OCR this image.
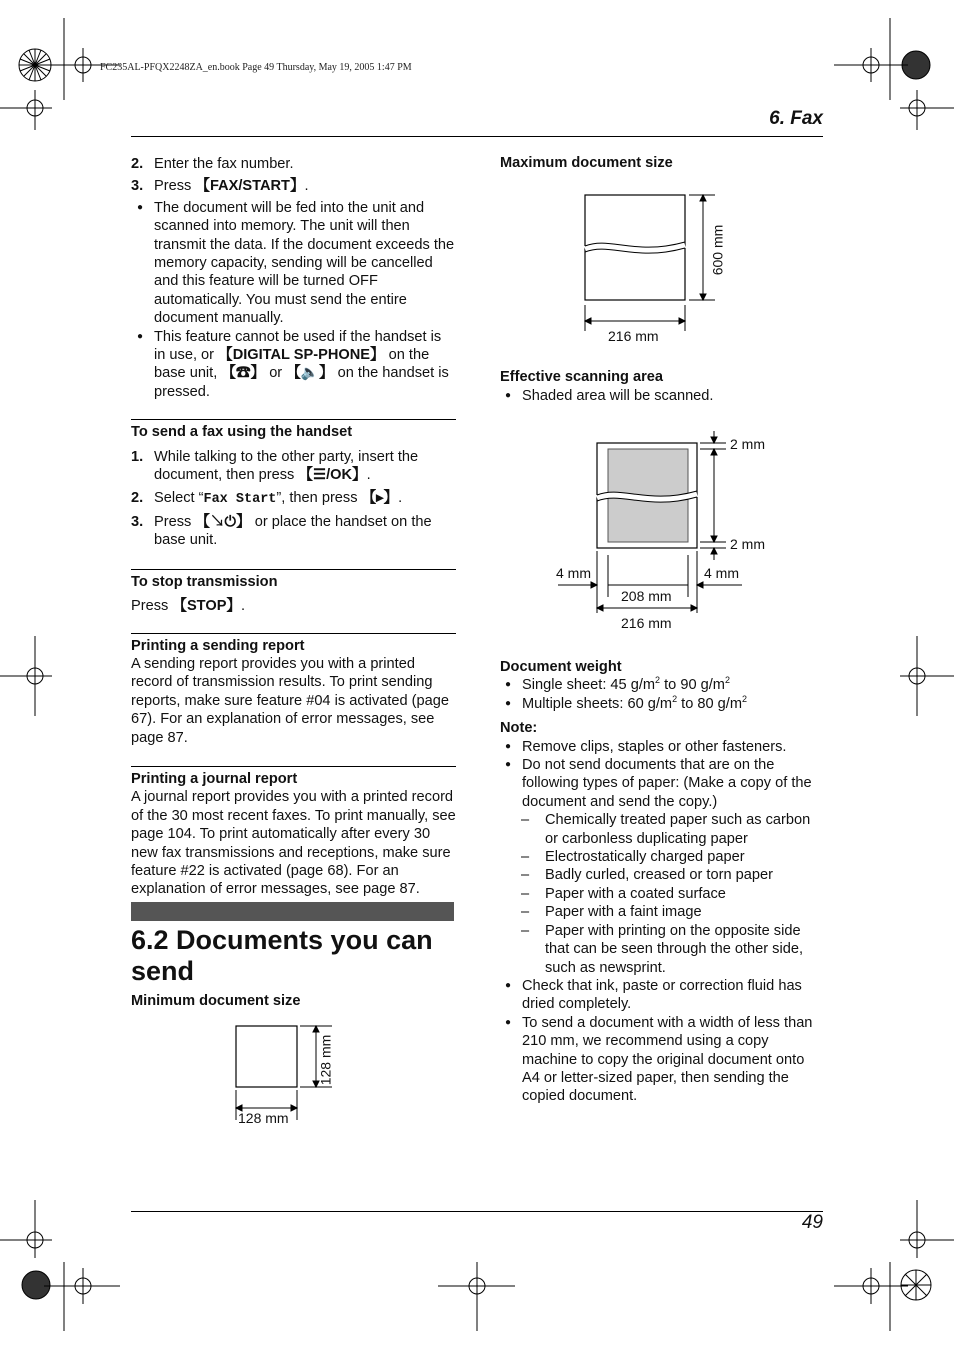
FC235AL-PFQX2248ZA_en.book Page 49 Thursday, May 19, 2005 1:47 PM
6. Fax

2. Enter the fax number.

3. Press 【FAX/START】.

● The document will be fed into the unit and scanned into memory. The unit will then transmit the data. If the document exceeds the memory capacity, sending will be cancelled and this feature will be turned OFF automatically. You must send the entire document manually.

● This feature cannot be used if the handset is in use, or 【DIGITAL SP-PHONE】 on the base unit, 【☎】 or 【🔈】 on the handset is pressed.

To send a fax using the handset

1. While talking to the other party, insert the document, then press 【☰/OK】.

2. Select “Fax Start”, then press 【▸】.

3. Press 【↘⏻】 or place the handset on the base unit.

To stop transmission

Press 【STOP】.

Printing a sending report

A sending report provides you with a printed record of transmission results. To print sending reports, make sure feature #04 is activated (page 67). For an explanation of error messages, see page 87.

Printing a journal report

A journal report provides you with a printed record of the 30 most recent faxes. To print manually, see page 104. To print automatically after every 30 new fax transmissions and receptions, make sure feature #22 is activated (page 68). For an explanation of error messages, see page 87.

6.2 Documents you can send
Minimum document size
128 mm
128 mm
Maximum document size
600 mm
216 mm
Effective scanning area
● Shaded area will be scanned.
2 mm
2 mm
4 mm	4 mm
208 mm
216 mm

Document weight

● Single sheet: 45 $g/m^2$ to 90 $g/m^2$

● Multiple sheets: 60 $g/m^2$ to 80 $g/m^2$

Note:

● Remove clips, staples or other fasteners.

● Do not send documents that are on the following types of paper: (Make a copy of the document and send the copy.)

– Chemically treated paper such as carbon or carbonless duplicating paper

– Electrostatically charged paper

– Badly curled, creased or torn paper

– Paper with a coated surface

– Paper with a faint image

– Paper with printing on the opposite side that can be seen through the other side, such as newsprint.

● Check that ink, paste or correction fluid has dried completely.

● To send a document with a width of less than 210 mm, we recommend using a copy machine to copy the original document onto A4 or letter-sized paper, then sending the copied document.

49
